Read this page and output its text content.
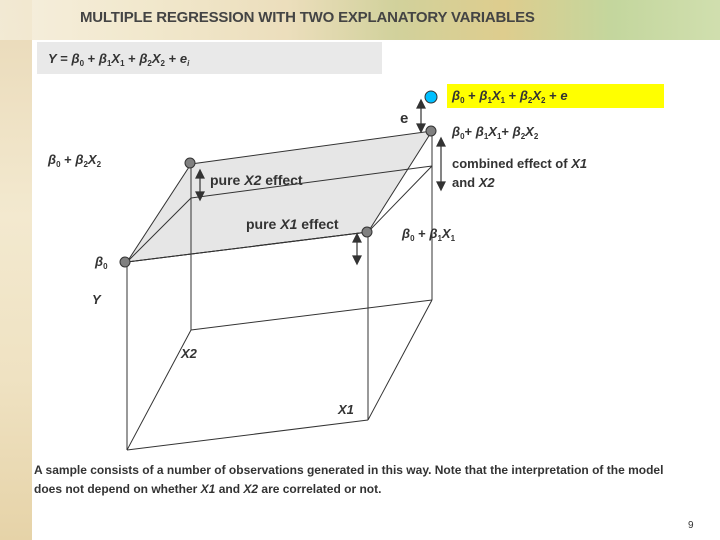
MULTIPLE REGRESSION WITH TWO EXPLANATORY VARIABLES
$Y = \beta_0 + \beta_1X_1 + \beta_2X_2 + e_i$
$\beta_0 + \beta_1X_1 + \beta_2X_2 + e$
e
$\beta_0+ \beta_1X_1+ \beta_2X_2$
combined effect of X1
and X2
$\beta_0 + \beta_2X_2$
pure X2 effect
pure X1 effect
$\beta_0 + \beta_1X_1$
$\beta_0$
Y
X2
X1
A sample consists of a number of observations generated in this way. Note that the interpretation of the model does not depend on whether X1 and X2 are correlated or not.
9
